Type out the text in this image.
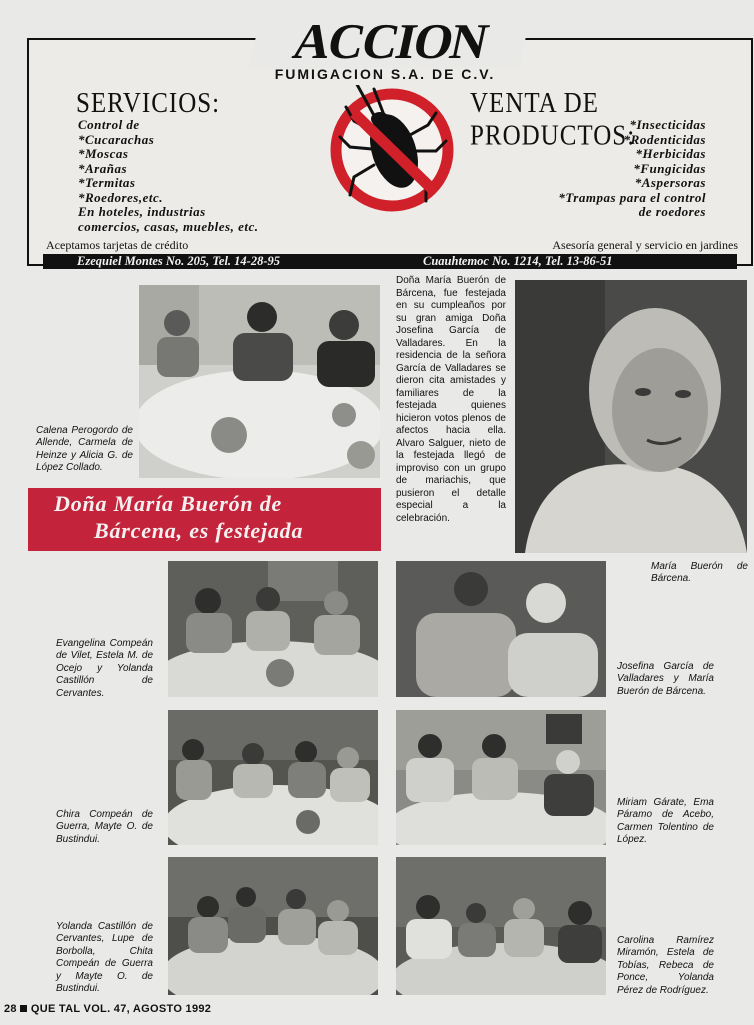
ACCION
FUMIGACION S.A. DE C.V.
SERVICIOS:	VENTA DE PRODUCTOS:
Control de
*Cucarachas
*Moscas
*Arañas
*Termitas
*Roedores,etc.
En hoteles, industrias
comercios, casas, muebles, etc.
*Insecticidas
*Rodenticidas
*Herbicidas
*Fungicidas
*Aspersoras
*Trampas para el control
de roedores
Aceptamos tarjetas de crédito	Asesoría general y servicio en jardines
Ezequiel Montes No. 205, Tel. 14-28-95	Cuauhtemoc No. 1214, Tel. 13-86-51
Doña María Buerón de
Bárcena, es festejada
Doña María Buerón de Bárcena, fue festejada en su cumpleaños por su gran amiga Doña Josefina García de Valladares. En la residencia de la señora García de Valladares se dieron cita amistades y familiares de la festejada quienes hicieron votos plenos de afectos hacia ella. Alvaro Salguer, nieto de la festejada llegó de improviso con un grupo de mariachis, que pusieron el detalle especial a la celebración.
Calena Perogordo de Allende, Carmela de Heinze y Alicia G. de López Collado.
María Buerón de Bárcena.
Evangelina Compeán de Vilet, Estela M. de Ocejo y Yolanda Castillón de Cervantes.
Josefina García de Valladares y María Buerón de Bárcena.
Chira Compeán de Guerra, Mayte O. de Bustindui.
Miriam Gárate, Ema Páramo de Acebo, Carmen Tolentino de López.
Yolanda Castillón de Cervantes, Lupe de Borbolla, Chita Compeán de Guerra y Mayte O. de Bustindui.
Carolina Ramírez Miramón, Estela de Tobías, Rebeca de Ponce, Yolanda Pérez de Rodríguez.
28 QUE TAL VOL. 47, AGOSTO 1992
